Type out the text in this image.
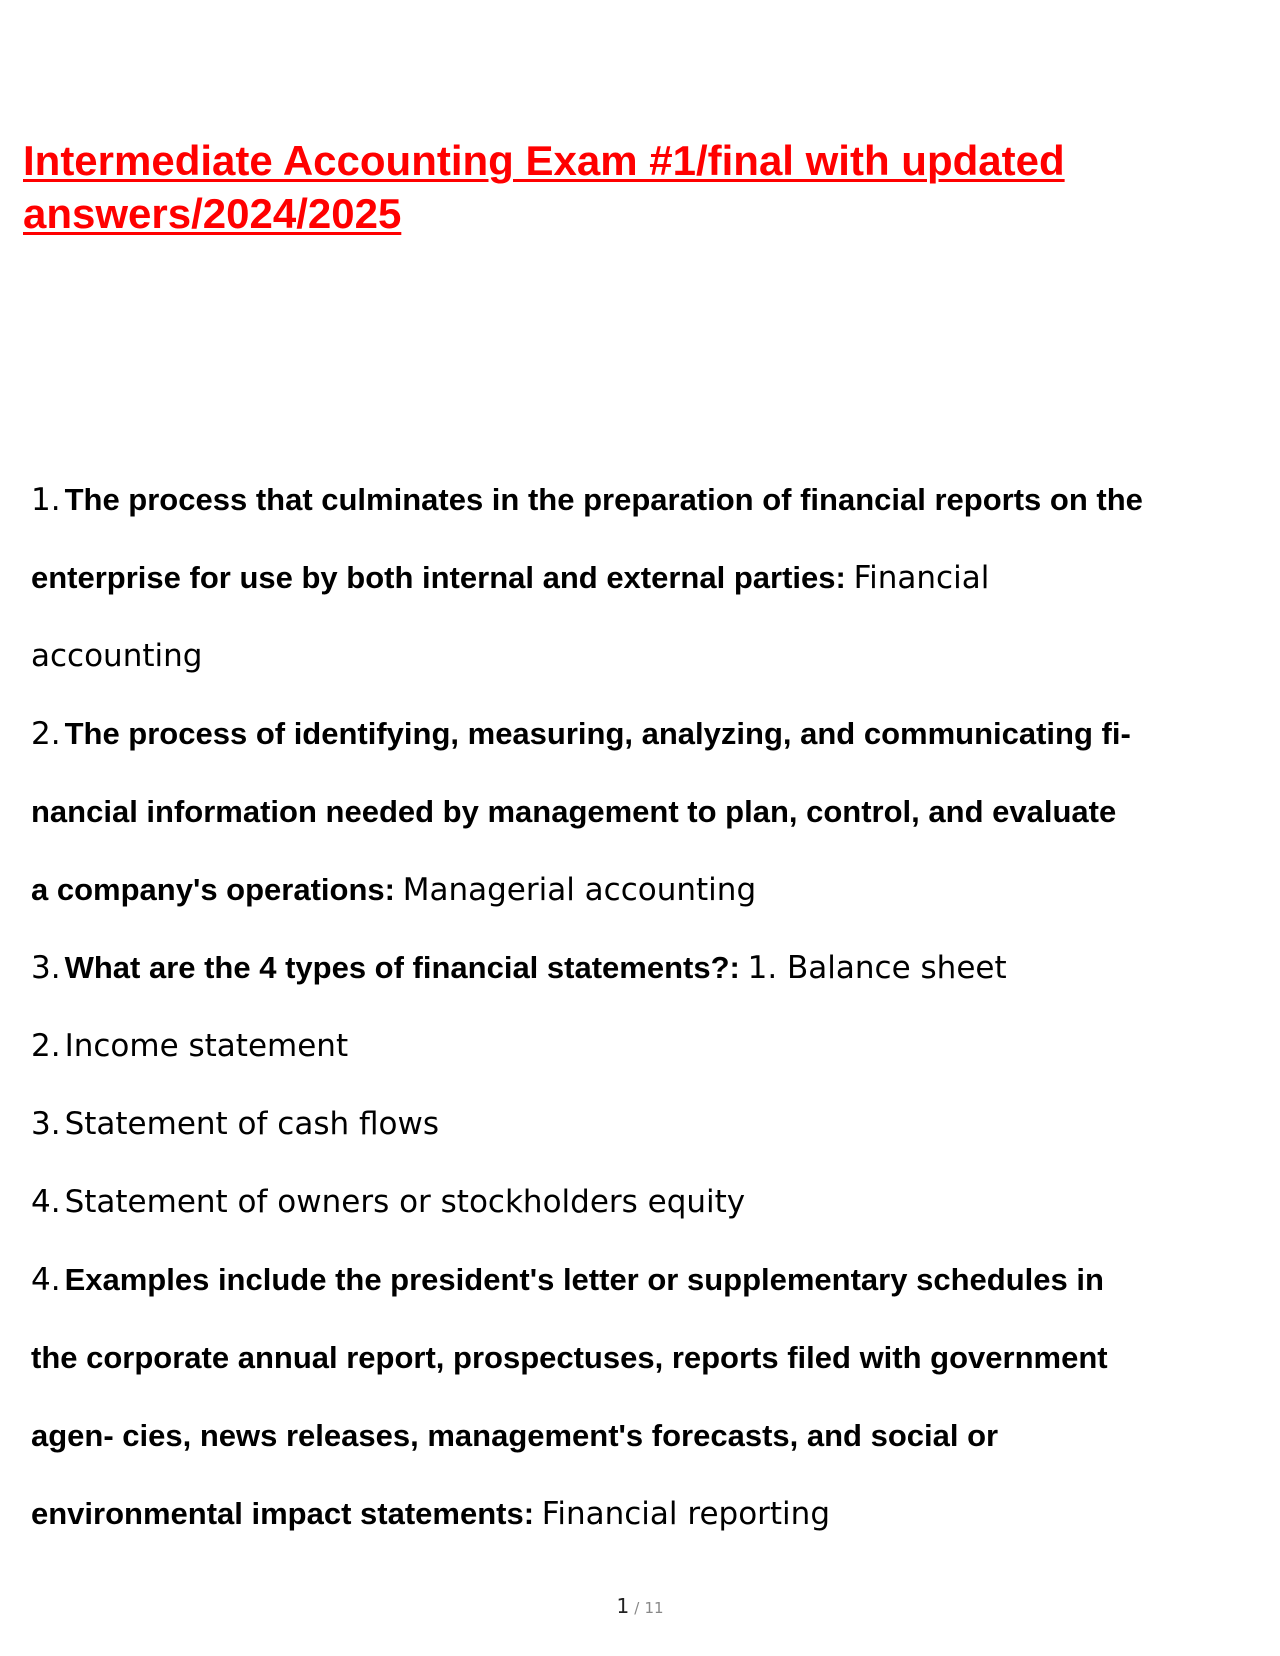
Intermediate Accounting Exam #1/final with updated
answers/2024/2025
1. The process that culminates in the preparation of financial reports on the
enterprise for use by both internal and external parties: Financial
accounting
2. The process of identifying, measuring, analyzing, and communicating fi-
nancial information needed by management to plan, control, and evaluate
a company's operations: Managerial accounting
3. What are the 4 types of financial statements?: 1. Balance sheet
2. Income statement
3. Statement of cash flows
4. Statement of owners or stockholders equity
4. Examples include the president's letter or supplementary schedules in
the corporate annual report, prospectuses, reports filed with government
agen- cies, news releases, management's forecasts, and social or
environmental impact statements: Financial reporting
1 / 11
